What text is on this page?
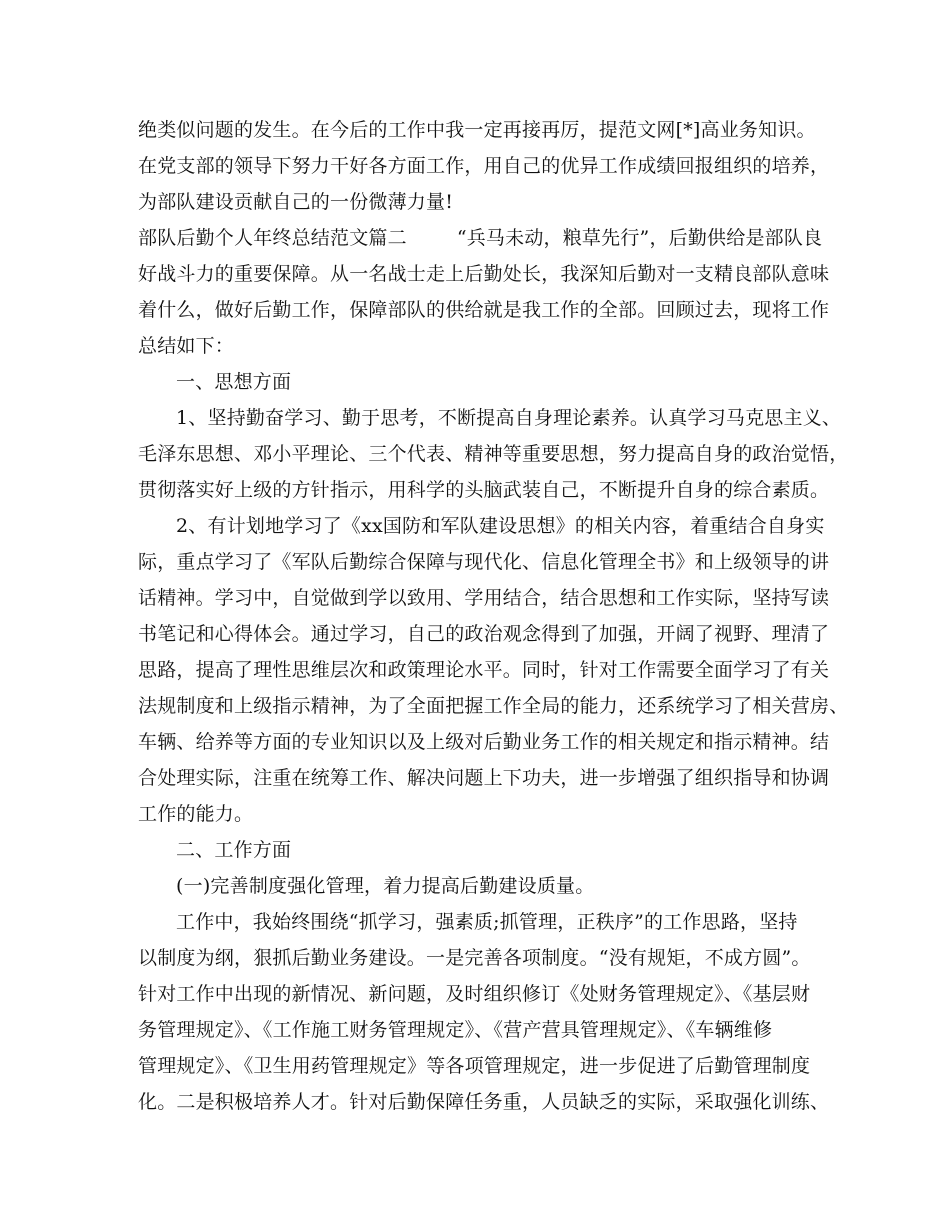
绝类似问题的发生。在今后的工作中我一定再接再厉，提范文网[*]高业务知识。
在党支部的领导下努力干好各方面工作，用自己的优异工作成绩回报组织的培养，
为部队建设贡献自己的一份微薄力量!
部队后勤个人年终总结范文篇二	“兵马未动，粮草先行”，后勤供给是部队良
好战斗力的重要保障。从一名战士走上后勤处长，我深知后勤对一支精良部队意味
着什么，做好后勤工作，保障部队的供给就是我工作的全部。回顾过去，现将工作
总结如下：
一、思想方面
1、坚持勤奋学习、勤于思考，不断提高自身理论素养。认真学习马克思主义、
毛泽东思想、邓小平理论、三个代表、精神等重要思想，努力提高自身的政治觉悟，
贯彻落实好上级的方针指示，用科学的头脑武装自己，不断提升自身的综合素质。
2、有计划地学习了《xx国防和军队建设思想》的相关内容，着重结合自身实
际，重点学习了《军队后勤综合保障与现代化、信息化管理全书》和上级领导的讲
话精神。学习中，自觉做到学以致用、学用结合，结合思想和工作实际，坚持写读
书笔记和心得体会。通过学习，自己的政治观念得到了加强，开阔了视野、理清了
思路，提高了理性思维层次和政策理论水平。同时，针对工作需要全面学习了有关
法规制度和上级指示精神，为了全面把握工作全局的能力，还系统学习了相关营房、
车辆、给养等方面的专业知识以及上级对后勤业务工作的相关规定和指示精神。结
合处理实际，注重在统筹工作、解决问题上下功夫，进一步增强了组织指导和协调
工作的能力。
二、工作方面
(一)完善制度强化管理，着力提高后勤建设质量。
工作中，我始终围绕“抓学习，强素质;抓管理，正秩序”的工作思路，坚持
以制度为纲，狠抓后勤业务建设。一是完善各项制度。“没有规矩，不成方圆”。
针对工作中出现的新情况、新问题，及时组织修订《处财务管理规定》、《基层财
务管理规定》、《工作施工财务管理规定》、《营产营具管理规定》、《车辆维修
管理规定》、《卫生用药管理规定》等各项管理规定，进一步促进了后勤管理制度
化。二是积极培养人才。针对后勤保障任务重，人员缺乏的实际，采取强化训练、
